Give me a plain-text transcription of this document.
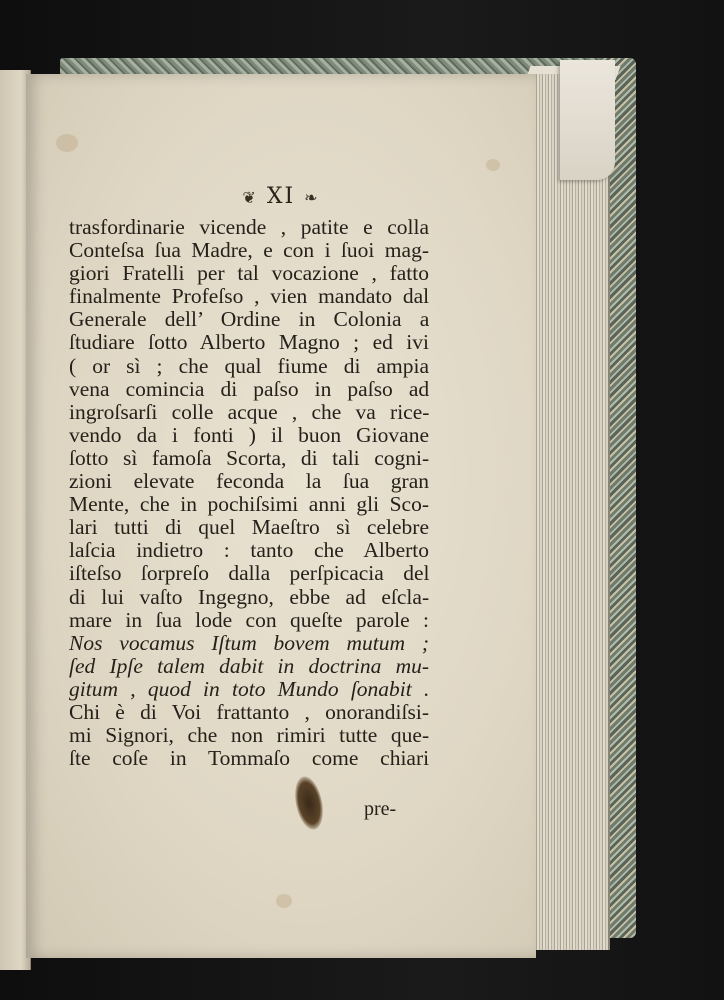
❦ XI ❧
trasfordinarie vicende , patite e colla
Conteſsa ſua Madre, e con i ſuoi mag-
giori Fratelli per tal vocazione , fatto
finalmente Profeſso , vien mandato dal
Generale dell’ Ordine in Colonia a
ſtudiare ſotto Alberto Magno ; ed ivi
( or sì ; che qual fiume di ampia
vena comincia di paſso in paſso ad
ingroſsarſi colle acque , che va rice-
vendo da i fonti ) il buon Giovane
ſotto sì famoſa Scorta, di tali cogni-
zioni elevate feconda la ſua gran
Mente, che in pochiſsimi anni gli Sco-
lari tutti di quel Maeſtro sì celebre
laſcia indietro : tanto che Alberto
iſteſso ſorpreſo dalla perſpicacia del
di lui vaſto Ingegno, ebbe ad eſcla-
mare in ſua lode con queſte parole :
Nos vocamus Iſtum bovem mutum ;
ſed Ipſe talem dabit in doctrina mu-
gitum , quod in toto Mundo ſonabit .
Chi è di Voi frattanto , onorandiſsi-
mi Signori, che non rimiri tutte que-
ſte coſe in Tommaſo come chiari
pre-
